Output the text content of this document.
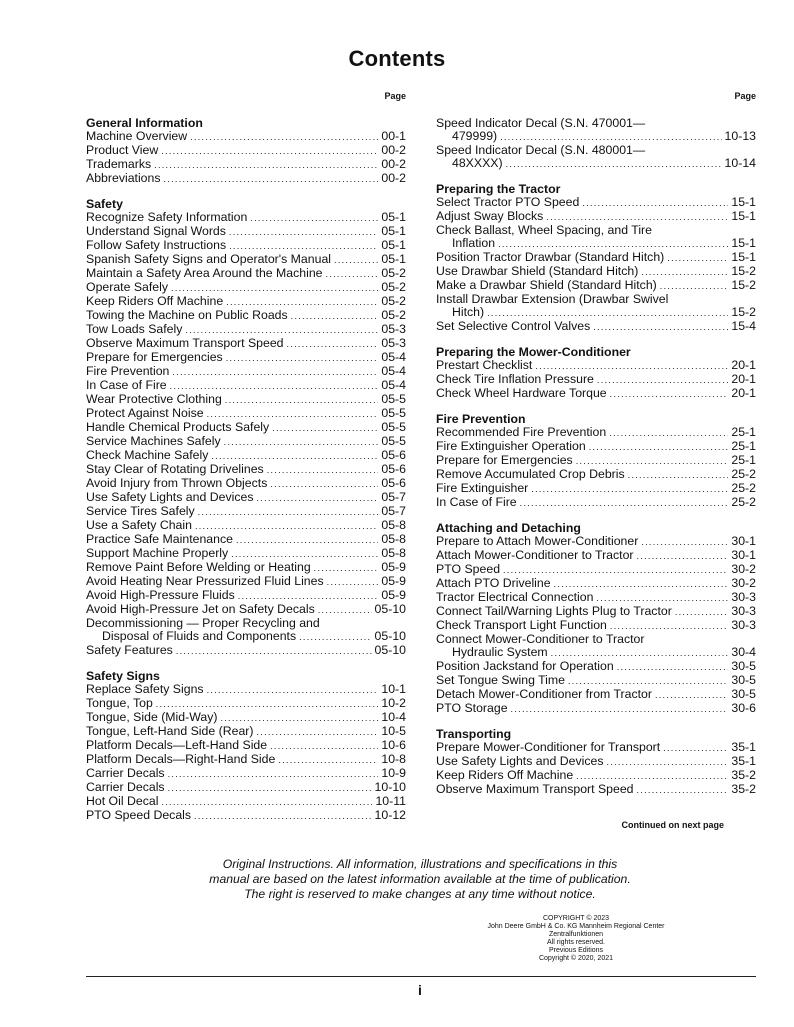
Contents
Page
General Information
Machine Overview . . .	00-1
Product View . . .	00-2
Trademarks . . .	00-2
Abbreviations . . .	00-2
Safety
Recognize Safety Information . . .	05-1
Understand Signal Words . . .	05-1
Follow Safety Instructions . . .	05-1
Spanish Safety Signs and Operator's Manual . . .	05-1
Maintain a Safety Area Around the Machine . . .	05-2
Operate Safely . . .	05-2
Keep Riders Off Machine . . .	05-2
Towing the Machine on Public Roads . . .	05-2
Tow Loads Safely . . .	05-3
Observe Maximum Transport Speed . . .	05-3
Prepare for Emergencies . . .	05-4
Fire Prevention . . .	05-4
In Case of Fire . . .	05-4
Wear Protective Clothing . . .	05-5
Protect Against Noise . . .	05-5
Handle Chemical Products Safely . . .	05-5
Service Machines Safely . . .	05-5
Check Machine Safely . . .	05-6
Stay Clear of Rotating Drivelines . . .	05-6
Avoid Injury from Thrown Objects . . .	05-6
Use Safety Lights and Devices . . .	05-7
Service Tires Safely . . .	05-7
Use a Safety Chain . . .	05-8
Practice Safe Maintenance . . .	05-8
Support Machine Properly . . .	05-8
Remove Paint Before Welding or Heating . . .	05-9
Avoid Heating Near Pressurized Fluid Lines . . .	05-9
Avoid High-Pressure Fluids . . .	05-9
Avoid High-Pressure Jet on Safety Decals . . .	05-10
Decommissioning — Proper Recycling and
Disposal of Fluids and Components . . .	05-10
Safety Features . . .	05-10
Safety Signs
Replace Safety Signs . . .	10-1
Tongue, Top . . .	10-2
Tongue, Side (Mid-Way) . . .	10-4
Tongue, Left-Hand Side (Rear) . . .	10-5
Platform Decals—Left-Hand Side . . .	10-6
Platform Decals—Right-Hand Side . . .	10-8
Carrier Decals . . .	10-9
Carrier Decals . . .	10-10
Hot Oil Decal . . .	10-11
PTO Speed Decals . . .	10-12
Page
Speed Indicator Decal (S.N. 470001—
479999) . . .	10-13
Speed Indicator Decal (S.N. 480001—
48XXXX) . . .	10-14
Preparing the Tractor
Select Tractor PTO Speed . . .	15-1
Adjust Sway Blocks . . .	15-1
Check Ballast, Wheel Spacing, and Tire
Inflation . . .	15-1
Position Tractor Drawbar (Standard Hitch) . . .	15-1
Use Drawbar Shield (Standard Hitch) . . .	15-2
Make a Drawbar Shield (Standard Hitch) . . .	15-2
Install Drawbar Extension (Drawbar Swivel
Hitch) . . .	15-2
Set Selective Control Valves . . .	15-4
Preparing the Mower-Conditioner
Prestart Checklist . . .	20-1
Check Tire Inflation Pressure . . .	20-1
Check Wheel Hardware Torque . . .	20-1
Fire Prevention
Recommended Fire Prevention . . .	25-1
Fire Extinguisher Operation . . .	25-1
Prepare for Emergencies . . .	25-1
Remove Accumulated Crop Debris . . .	25-2
Fire Extinguisher . . .	25-2
In Case of Fire . . .	25-2
Attaching and Detaching
Prepare to Attach Mower-Conditioner . . .	30-1
Attach Mower-Conditioner to Tractor . . .	30-1
PTO Speed . . .	30-2
Attach PTO Driveline . . .	30-2
Tractor Electrical Connection . . .	30-3
Connect Tail/Warning Lights Plug to Tractor . . .	30-3
Check Transport Light Function . . .	30-3
Connect Mower-Conditioner to Tractor
Hydraulic System . . .	30-4
Position Jackstand for Operation . . .	30-5
Set Tongue Swing Time . . .	30-5
Detach Mower-Conditioner from Tractor . . .	30-5
PTO Storage . . .	30-6
Transporting
Prepare Mower-Conditioner for Transport . . .	35-1
Use Safety Lights and Devices . . .	35-1
Keep Riders Off Machine . . .	35-2
Observe Maximum Transport Speed . . .	35-2
Continued on next page
Original Instructions. All information, illustrations and specifications in this
manual are based on the latest information available at the time of publication.
The right is reserved to make changes at any time without notice.
COPYRIGHT © 2023
John Deere GmbH & Co. KG Mannheim Regional Center
Zentralfunktionen
All rights reserved.
Previous Editions
Copyright © 2020, 2021
i
